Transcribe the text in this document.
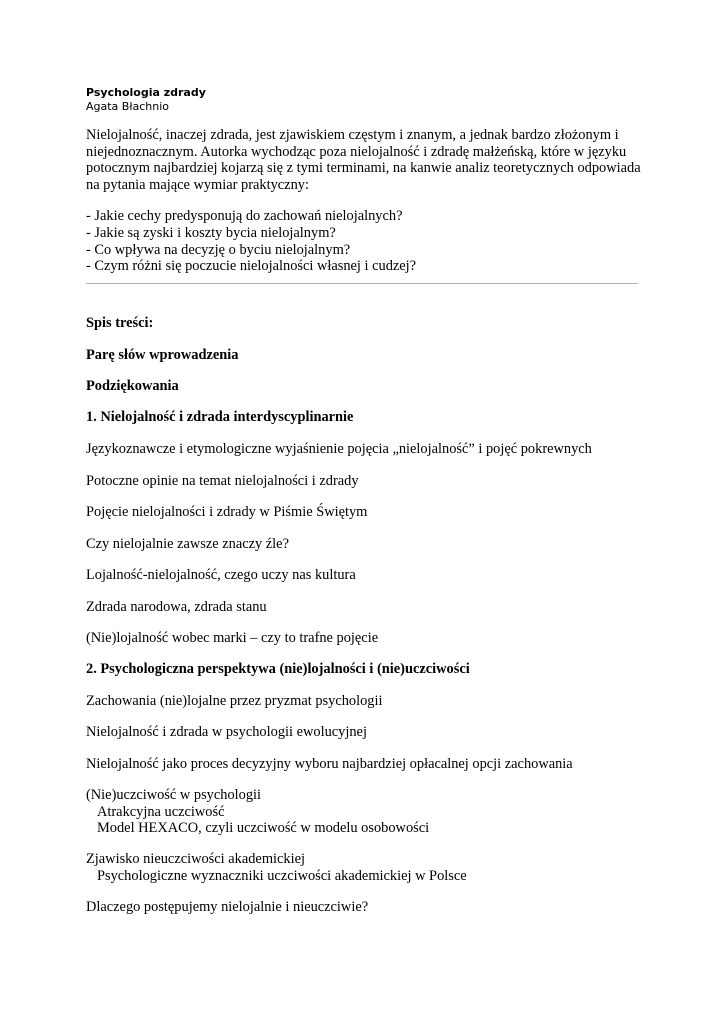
Psychologia zdrady

Agata Błachnio

Nielojalność, inaczej zdrada, jest zjawiskiem częstym i znanym, a jednak bardzo złożonym i niejednoznacznym. Autorka wychodząc poza nielojalność i zdradę małżeńską, które w języku potocznym najbardziej kojarzą się z tymi terminami, na kanwie analiz teoretycznych odpowiada na pytania mające wymiar praktyczny:

- Jakie cechy predysponują do zachowań nielojalnych?
- Jakie są zyski i koszty bycia nielojalnym?
- Co wpływa na decyzję o byciu nielojalnym?
- Czym różni się poczucie nielojalności własnej i cudzej?
Spis treści:
Parę słów wprowadzenia
Podziękowania
1. Nielojalność i zdrada interdyscyplinarnie
Językoznawcze i etymologiczne wyjaśnienie pojęcia „nielojalność” i pojęć pokrewnych
Potoczne opinie na temat nielojalności i zdrady
Pojęcie nielojalności i zdrady w Piśmie Świętym
Czy nielojalnie zawsze znaczy źle?
Lojalność-nielojalność, czego uczy nas kultura
Zdrada narodowa, zdrada stanu
(Nie)lojalność wobec marki – czy to trafne pojęcie
2. Psychologiczna perspektywa (nie)lojalności i (nie)uczciwości
Zachowania (nie)lojalne przez pryzmat psychologii
Nielojalność i zdrada w psychologii ewolucyjnej
Nielojalność jako proces decyzyjny wyboru najbardziej opłacalnej opcji zachowania
(Nie)uczciwość w psychologii
Atrakcyjna uczciwość
Model HEXACO, czyli uczciwość w modelu osobowości
Zjawisko nieuczciwości akademickiej
Psychologiczne wyznaczniki uczciwości akademickiej w Polsce
Dlaczego postępujemy nielojalnie i nieuczciwie?
